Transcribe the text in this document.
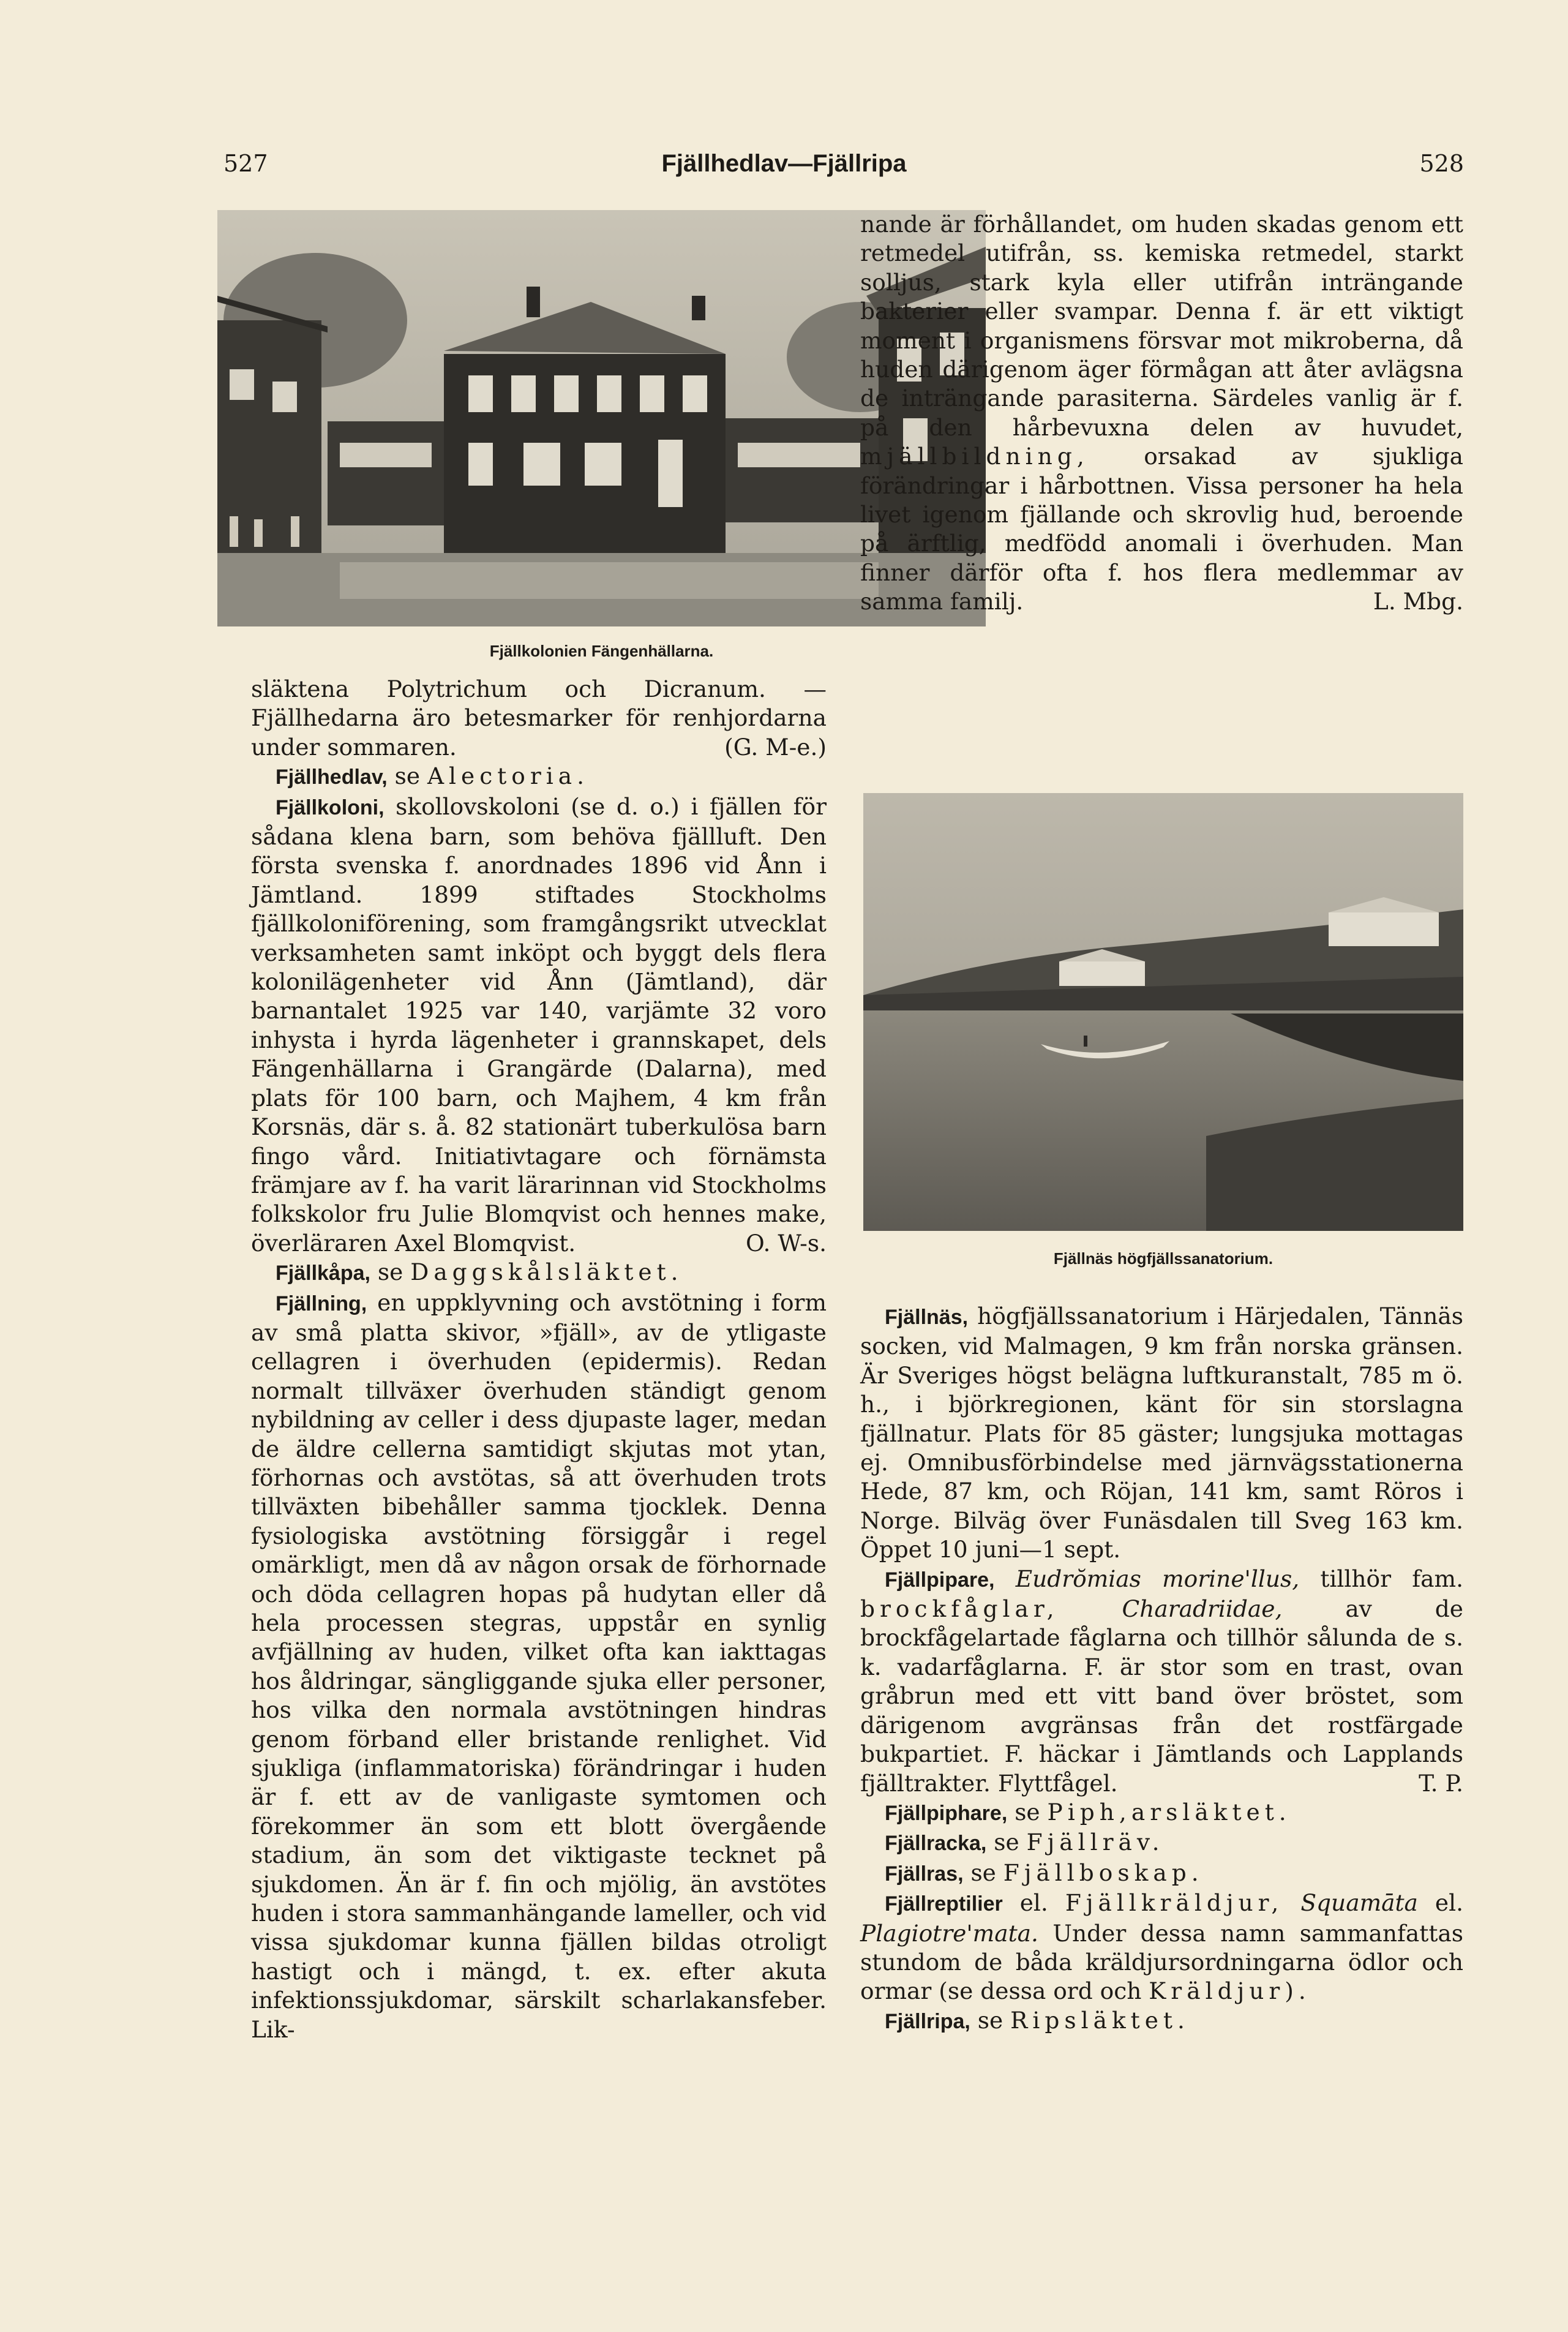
527	Fjällhedlav—Fjällripa	528
Fjällkolonien Fängenhällarna.

släktena Polytrichum och Dicranum. — Fjällhedarna äro betesmarker för renhjordarna under sommaren.	(G. M-e.)

Fjällhedlav, se Alectoria.

Fjällkoloni, skollovskoloni (se d. o.) i fjällen för sådana klena barn, som behöva fjällluft. Den första svenska f. anordnades 1896 vid Ånn i Jämtland. 1899 stiftades Stockholms fjällkoloniförening, som framgångsrikt utvecklat verksamheten samt inköpt och byggt dels flera kolonilägenheter vid Ånn (Jämtland), där barnantalet 1925 var 140, varjämte 32 voro inhysta i hyrda lägenheter i grannskapet, dels Fängenhällarna i Grangärde (Dalarna), med plats för 100 barn, och Majhem, 4 km från Korsnäs, där s. å. 82 stationärt tuberkulösa barn fingo vård. Initiativtagare och förnämsta främjare av f. ha varit lärarinnan vid Stockholms folkskolor fru Julie Blomqvist och hennes make, överläraren Axel Blomqvist.	O. W-s.

Fjällkåpa, se Daggskålsläktet.

Fjällning, en uppklyvning och avstötning i form av små platta skivor, »fjäll», av de ytligaste cellagren i överhuden (epidermis). Redan normalt tillväxer överhuden ständigt genom nybildning av celler i dess djupaste lager, medan de äldre cellerna samtidigt skjutas mot ytan, förhornas och avstötas, så att överhuden trots tillväxten bibehåller samma tjocklek. Denna fysiologiska avstötning försiggår i regel omärkligt, men då av någon orsak de förhornade och döda cellagren hopas på hudytan eller då hela processen stegras, uppstår en synlig avfjällning av huden, vilket ofta kan iakttagas hos åldringar, sängliggande sjuka eller personer, hos vilka den normala avstötningen hindras genom förband eller bristande renlighet. Vid sjukliga (inflammatoriska) förändringar i huden är f. ett av de vanligaste symtomen och förekommer än som ett blott övergående stadium, än som det viktigaste tecknet på sjukdomen. Än är f. fin och mjölig, än avstötes huden i stora sammanhängande lameller, och vid vissa sjukdomar kunna fjällen bildas otroligt hastigt och i mängd, t. ex. efter akuta infektionssjukdomar, särskilt scharlakansfeber. Lik-

nande är förhållandet, om huden skadas genom ett retmedel utifrån, ss. kemiska retmedel, starkt solljus, stark kyla eller utifrån inträngande bakterier eller svampar. Denna f. är ett viktigt moment i organismens försvar mot mikroberna, då huden därigenom äger förmågan att åter avlägsna de inträngande parasiterna. Särdeles vanlig är f. på den hårbevuxna delen av huvudet, mjällbildning, orsakad av sjukliga förändringar i hårbottnen. Vissa personer ha hela livet igenom fjällande och skrovlig hud, beroende på ärftlig, medfödd anomali i överhuden. Man finner därför ofta f. hos flera medlemmar av samma familj.	L. Mbg.

Fjällnäs högfjällssanatorium.

Fjällnäs, högfjällssanatorium i Härjedalen, Tännäs socken, vid Malmagen, 9 km från norska gränsen. Är Sveriges högst belägna luftkuranstalt, 785 m ö. h., i björkregionen, känt för sin storslagna fjällnatur. Plats för 85 gäster; lungsjuka mottagas ej. Omnibusförbindelse med järnvägsstationerna Hede, 87 km, och Röjan, 141 km, samt Röros i Norge. Bilväg över Funäsdalen till Sveg 163 km. Öppet 10 juni—1 sept.

Fjällpipare, Eudrŏmias morine'llus, tillhör fam. brockfåglar,	Charadriidae,	av de brockfågelartade fåglarna och tillhör sålunda de s. k. vadarfåglarna. F. är stor som en trast, ovan gråbrun med ett vitt band över bröstet, som därigenom avgränsas från det rostfärgade bukpartiet. F. häckar i Jämtlands och Lapplands fjälltrakter. Flyttfågel.	T. P.

Fjällpiphare, se Piph,arsläktet.

Fjällracka, se Fjällräv.

Fjällras, se Fjällboskap.

Fjällreptilier el. Fjällkräldjur, Squamāta el. Plagiotre'mata. Under dessa namn sammanfattas stundom de båda kräldjursordningarna ödlor och ormar (se dessa ord och Kräldjur).

Fjällripa, se Ripsläktet.
